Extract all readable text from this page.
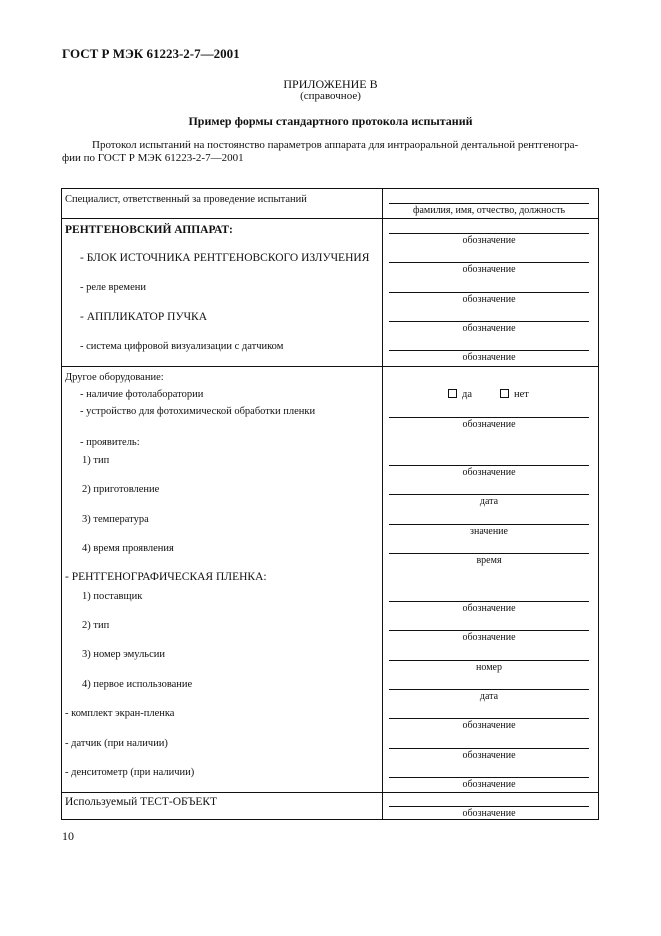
ГОСТ Р МЭК 61223-2-7—2001
ПРИЛОЖЕНИЕ В
(справочное)
Пример формы стандартного протокола испытаний
Протокол испытаний на постоянство параметров аппарата для интраоральной дентальной рентгеногра-
фии по ГОСТ Р МЭК 61223-2-7—2001
Специалист, ответственный за проведение испытаний
фамилия, имя, отчество, должность
РЕНТГЕНОВСКИЙ АППАРАТ:
обозначение
- БЛОК ИСТОЧНИКА РЕНТГЕНОВСКОГО ИЗЛУЧЕНИЯ
обозначение
- реле времени
обозначение
- АППЛИКАТОР ПУЧКА
обозначение
- система цифровой визуализации с датчиком
обозначение
Другое оборудование:
- наличие фотолаборатории	да	нет
- устройство для фотохимической обработки пленки
обозначение
- проявитель:
1) тип
обозначение
2) приготовление
дата
3) температура
значение
4) время проявления
время
- РЕНТГЕНОГРАФИЧЕСКАЯ ПЛЕНКА:
1) поставщик
обозначение
2) тип
обозначение
3) номер эмульсии
номер
4) первое использование
дата
- комплект экран-пленка
обозначение
- датчик (при наличии)
обозначение
- денситометр (при наличии)
обозначение
Используемый ТЕСТ-ОБЪЕКТ
обозначение
10
